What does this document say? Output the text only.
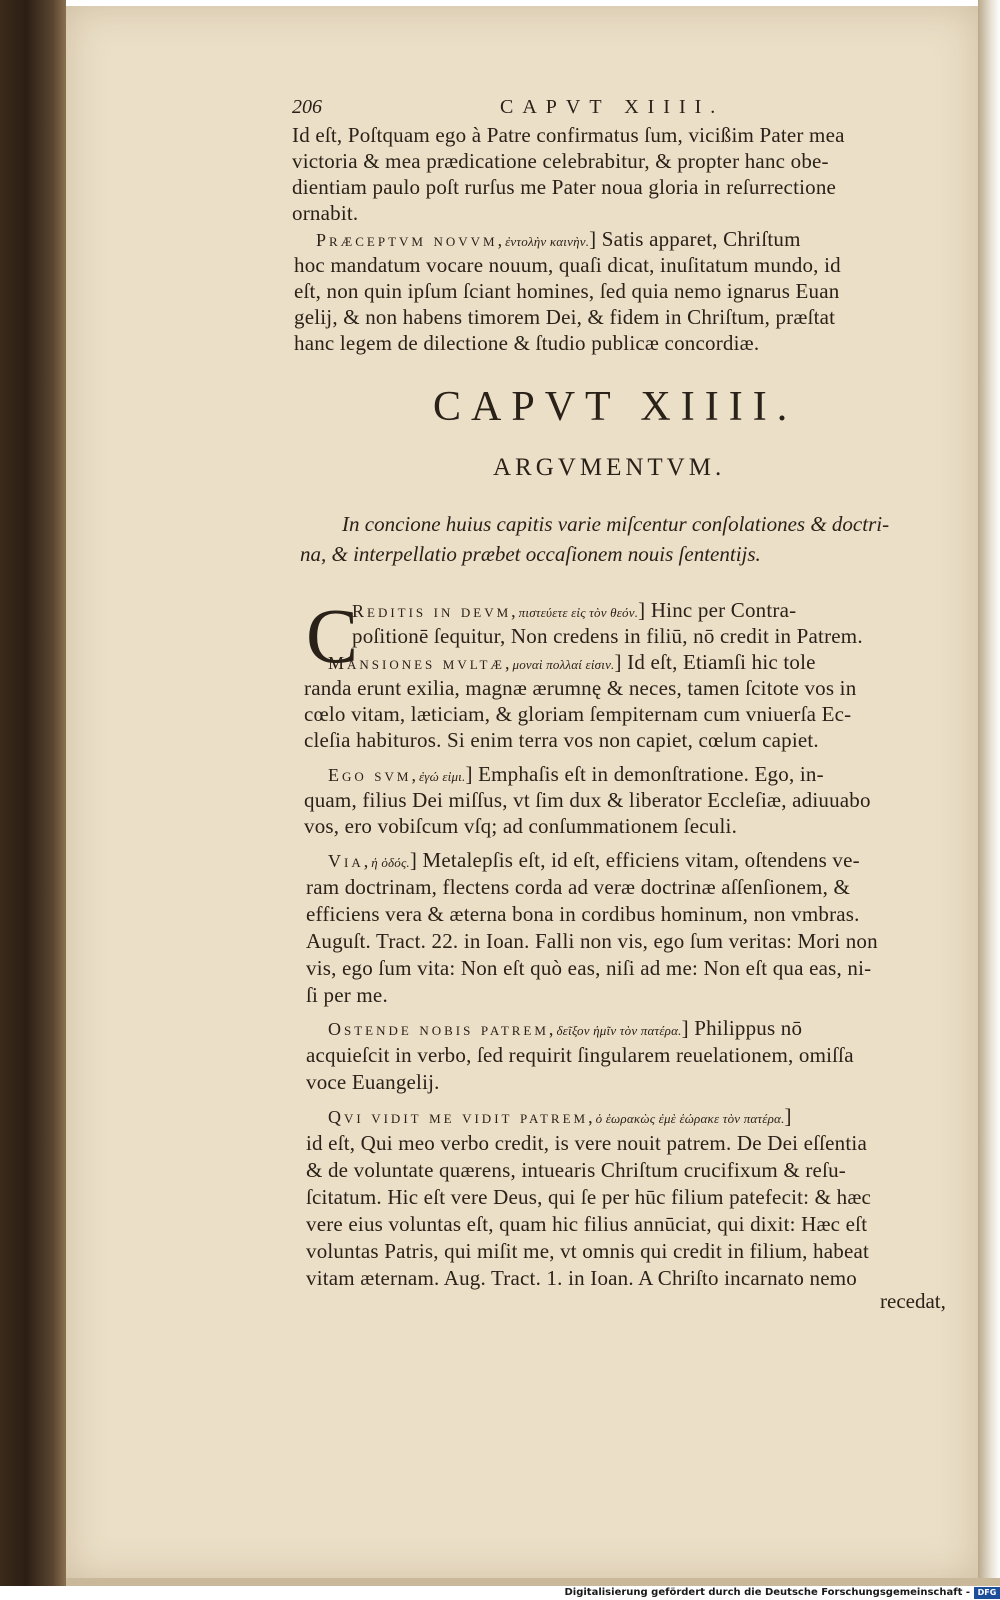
206	CAPVT XIIII.
Id eſt, Poſtquam ego à Patre confirmatus ſum, vicißim Pater mea
victoria & mea prædicatione celebrabitur, & propter hanc obe-
dientiam paulo poſt rurſus me Pater noua gloria in reſurrectione
ornabit.
Præceptvm novvm,ἐντολὴν καινὴν.] Satis apparet, Chriſtum
hoc mandatum vocare nouum, quaſi dicat, inuſitatum mundo, id
eſt, non quin ipſum ſciant homines, ſed quia nemo ignarus Euan
gelij, & non habens timorem Dei, & fidem in Chriſtum, præſtat
hanc legem de dilectione & ſtudio publicæ concordiæ.
CAPVT XIIII.
ARGVMENTVM.
In concione huius capitis varie miſcentur conſolationes & doctri-
na, & interpellatio præbet occaſionem nouis ſententijs.
C
Reditis in devm,πιστεύετε εἰς τὸν θεόν.] Hinc per Contra-
poſitionē ſequitur, Non credens in filiū, nō credit in Patrem.
Mansiones mvltæ,μοναὶ πολλαί εἰσιν.] Id eſt, Etiamſi hic tole
randa erunt exilia, magnæ ærumnę & neces, tamen ſcitote vos in
cœlo vitam, læticiam, & gloriam ſempiternam cum vniuerſa Ec-
cleſia habituros. Si enim terra vos non capiet, cœlum capiet.
Ego svm,ἐγώ εἰμι.] Emphaſis eſt in demonſtratione. Ego, in-
quam, filius Dei miſſus, vt ſim dux & liberator Eccleſiæ, adiuuabo
vos, ero vobiſcum vſq; ad conſummationem ſeculi.
Via,ἡ ὁδός.] Metalepſis eſt, id eſt, efficiens vitam, oſtendens ve-
ram doctrinam, flectens corda ad veræ doctrinæ aſſenſionem, &
efficiens vera & æterna bona in cordibus hominum, non vmbras.
Auguſt. Tract. 22. in Ioan. Falli non vis, ego ſum veritas: Mori non
vis, ego ſum vita: Non eſt quò eas, niſi ad me: Non eſt qua eas, ni-
ſi per me.
Ostende nobis patrem,δεῖξον ἡμῖν τὸν πατέρα.] Philippus nō
acquieſcit in verbo, ſed requirit ſingularem reuelationem, omiſſa
voce Euangelij.
Qvi vidit me vidit patrem,ὁ ἑωρακὼς ἐμὲ ἑώρακε τὸν πατέρα.]
id eſt, Qui meo verbo credit, is vere nouit patrem. De Dei eſſentia
& de voluntate quærens, intuearis Chriſtum crucifixum & reſu-
ſcitatum. Hic eſt vere Deus, qui ſe per hūc filium patefecit: & hæc
vere eius voluntas eſt, quam hic filius annūciat, qui dixit: Hæc eſt
voluntas Patris, qui miſit me, vt omnis qui credit in filium, habeat
vitam æternam. Aug. Tract. 1. in Ioan. A Chriſto incarnato nemo
recedat,
Digitalisierung gefördert durch die Deutsche Forschungsgemeinschaft - DFG
